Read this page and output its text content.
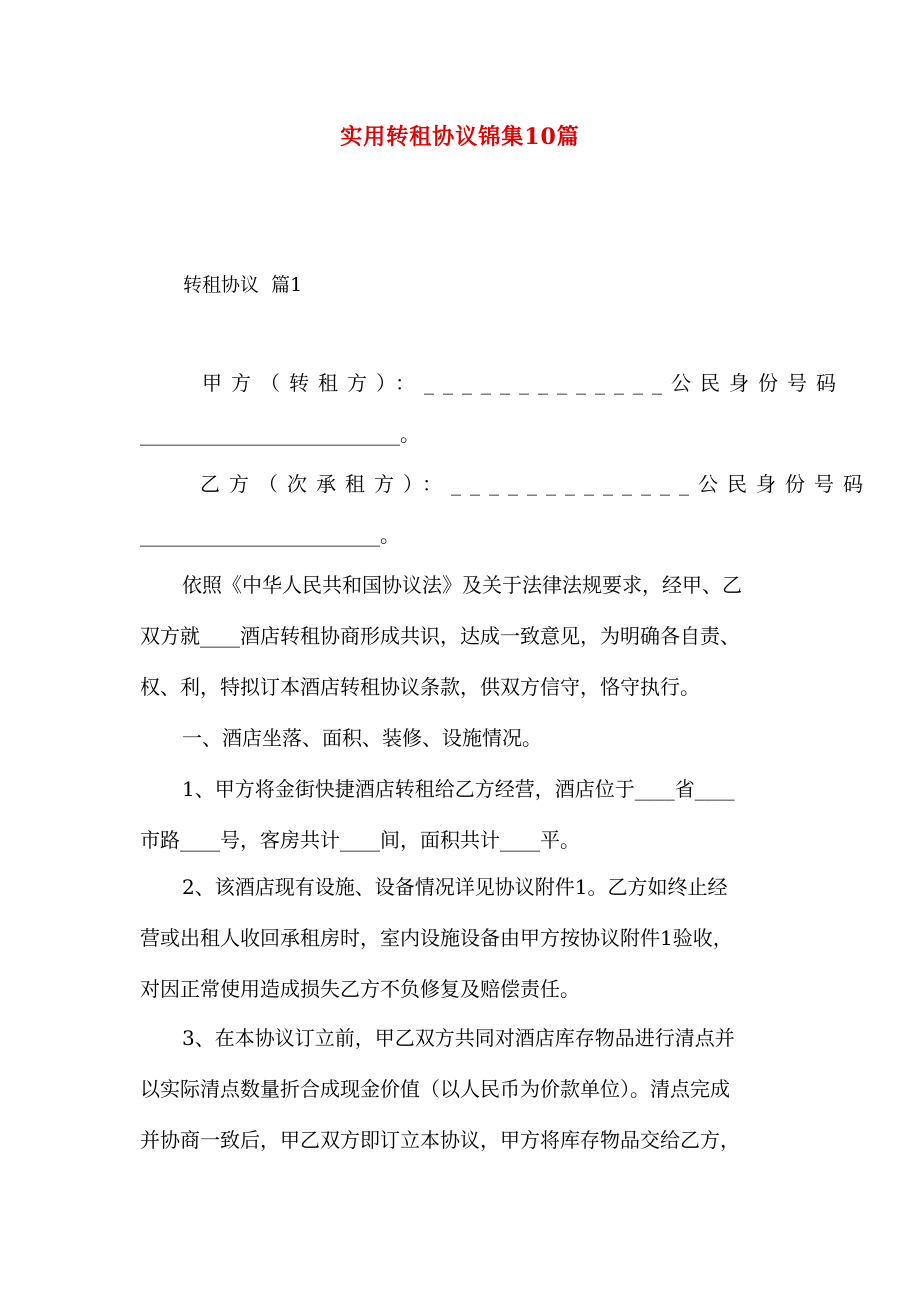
实用转租协议锦集10篇
转租协议  篇1
甲方（转租方）：_____________公民身份号码
__________________________。
乙方（次承租方）：_____________公民身份号码
________________________。
依照《中华人民共和国协议法》及关于法律法规要求，经甲、乙
双方就____酒店转租协商形成共识，达成一致意见，为明确各自责、
权、利，特拟订本酒店转租协议条款，供双方信守，恪守执行。
一、酒店坐落、面积、装修、设施情况。
1、甲方将金街快捷酒店转租给乙方经营，酒店位于____省____
市路____号，客房共计____间，面积共计____平。
2、该酒店现有设施、设备情况详见协议附件1。乙方如终止经
营或出租人收回承租房时，室内设施设备由甲方按协议附件1验收，
对因正常使用造成损失乙方不负修复及赔偿责任。
3、在本协议订立前，甲乙双方共同对酒店库存物品进行清点并
以实际清点数量折合成现金价值（以人民币为价款单位）。清点完成
并协商一致后，甲乙双方即订立本协议，甲方将库存物品交给乙方，
